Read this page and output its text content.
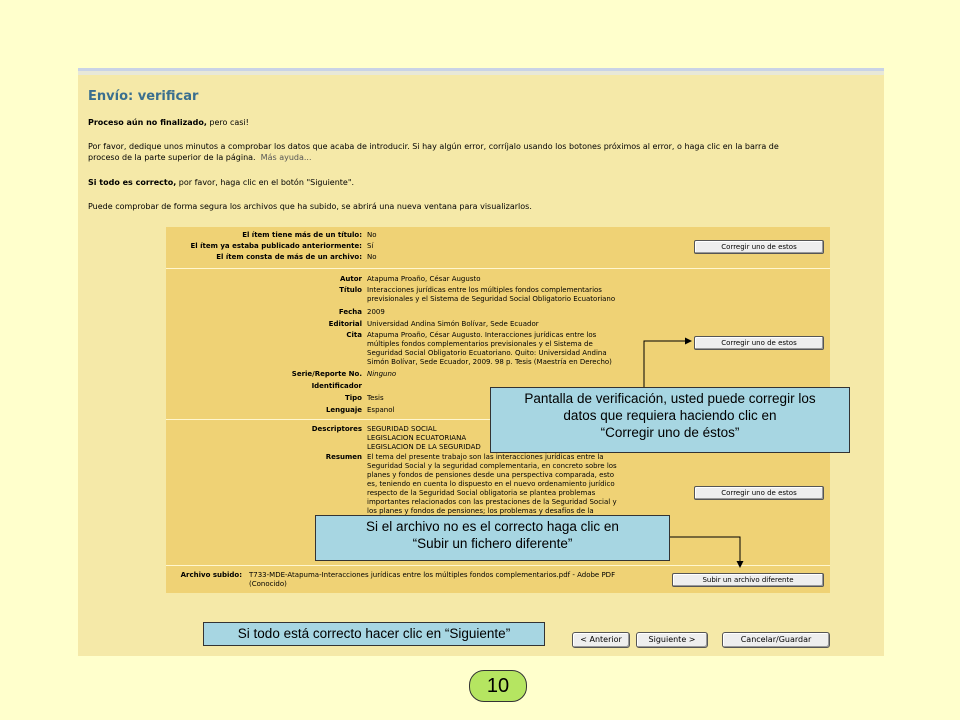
Envío: verificar
Proceso aún no finalizado, pero casi!
Por favor, dedique unos minutos a comprobar los datos que acaba de introducir. Si hay algún error, corríjalo usando los botones próximos al error, o haga clic en la barra de
proceso de la parte superior de la página. Más ayuda...
Si todo es correcto, por favor, haga clic en el botón "Siguiente".
Puede comprobar de forma segura los archivos que ha subido, se abrirá una nueva ventana para visualizarlos.
El ítem tiene más de un título: No
El ítem ya estaba publicado anteriormente: Sí
El ítem consta de más de un archivo: No
Corregir uno de estos
Autor Atapuma Proaño, César Augusto
Título Interacciones jurídicas entre los múltiples fondos complementarios
previsionales y el Sistema de Seguridad Social Obligatorio Ecuatoriano
Fecha 2009
Editorial Universidad Andina Simón Bolívar, Sede Ecuador
Cita Atapuma Proaño, César Augusto. Interacciones jurídicas entre los
múltiples fondos complementarios previsionales y el Sistema de
Seguridad Social Obligatorio Ecuatoriano. Quito: Universidad Andina
Simón Bolívar, Sede Ecuador, 2009. 98 p. Tesis (Maestría en Derecho)
Serie/Reporte No. Ninguno
Identificador
Tipo Tesis
Lenguaje Espanol
Corregir uno de estos
Descriptores SEGURIDAD SOCIAL
LEGISLACION ECUATORIANA
LEGISLACION DE LA SEGURIDAD
Resumen El tema del presente trabajo son las interacciones jurídicas entre la
Seguridad Social y la seguridad complementaria, en concreto sobre los
planes y fondos de pensiones desde una perspectiva comparada, esto
es, teniendo en cuenta lo dispuesto en el nuevo ordenamiento jurídico
respecto de la Seguridad Social obligatoria se plantea problemas
importantes relacionados con las prestaciones de la Seguridad Social y
los planes y fondos de pensiones; los problemas y desafíos de la
Corregir uno de estos
Archivo subido: T733-MDE-Atapuma-Interacciones jurídicas entre los múltiples fondos complementarios.pdf - Adobe PDF
(Conocido)	Subir un archivo diferente
< Anterior	Siguiente >	Cancelar/Guardar
Pantalla de verificación, usted puede corregir los
datos que requiera haciendo clic en
“Corregir uno de éstos”
Si el archivo no es el correcto haga clic en
“Subir un fichero diferente”
Si todo está correcto hacer clic en “Siguiente”
10
